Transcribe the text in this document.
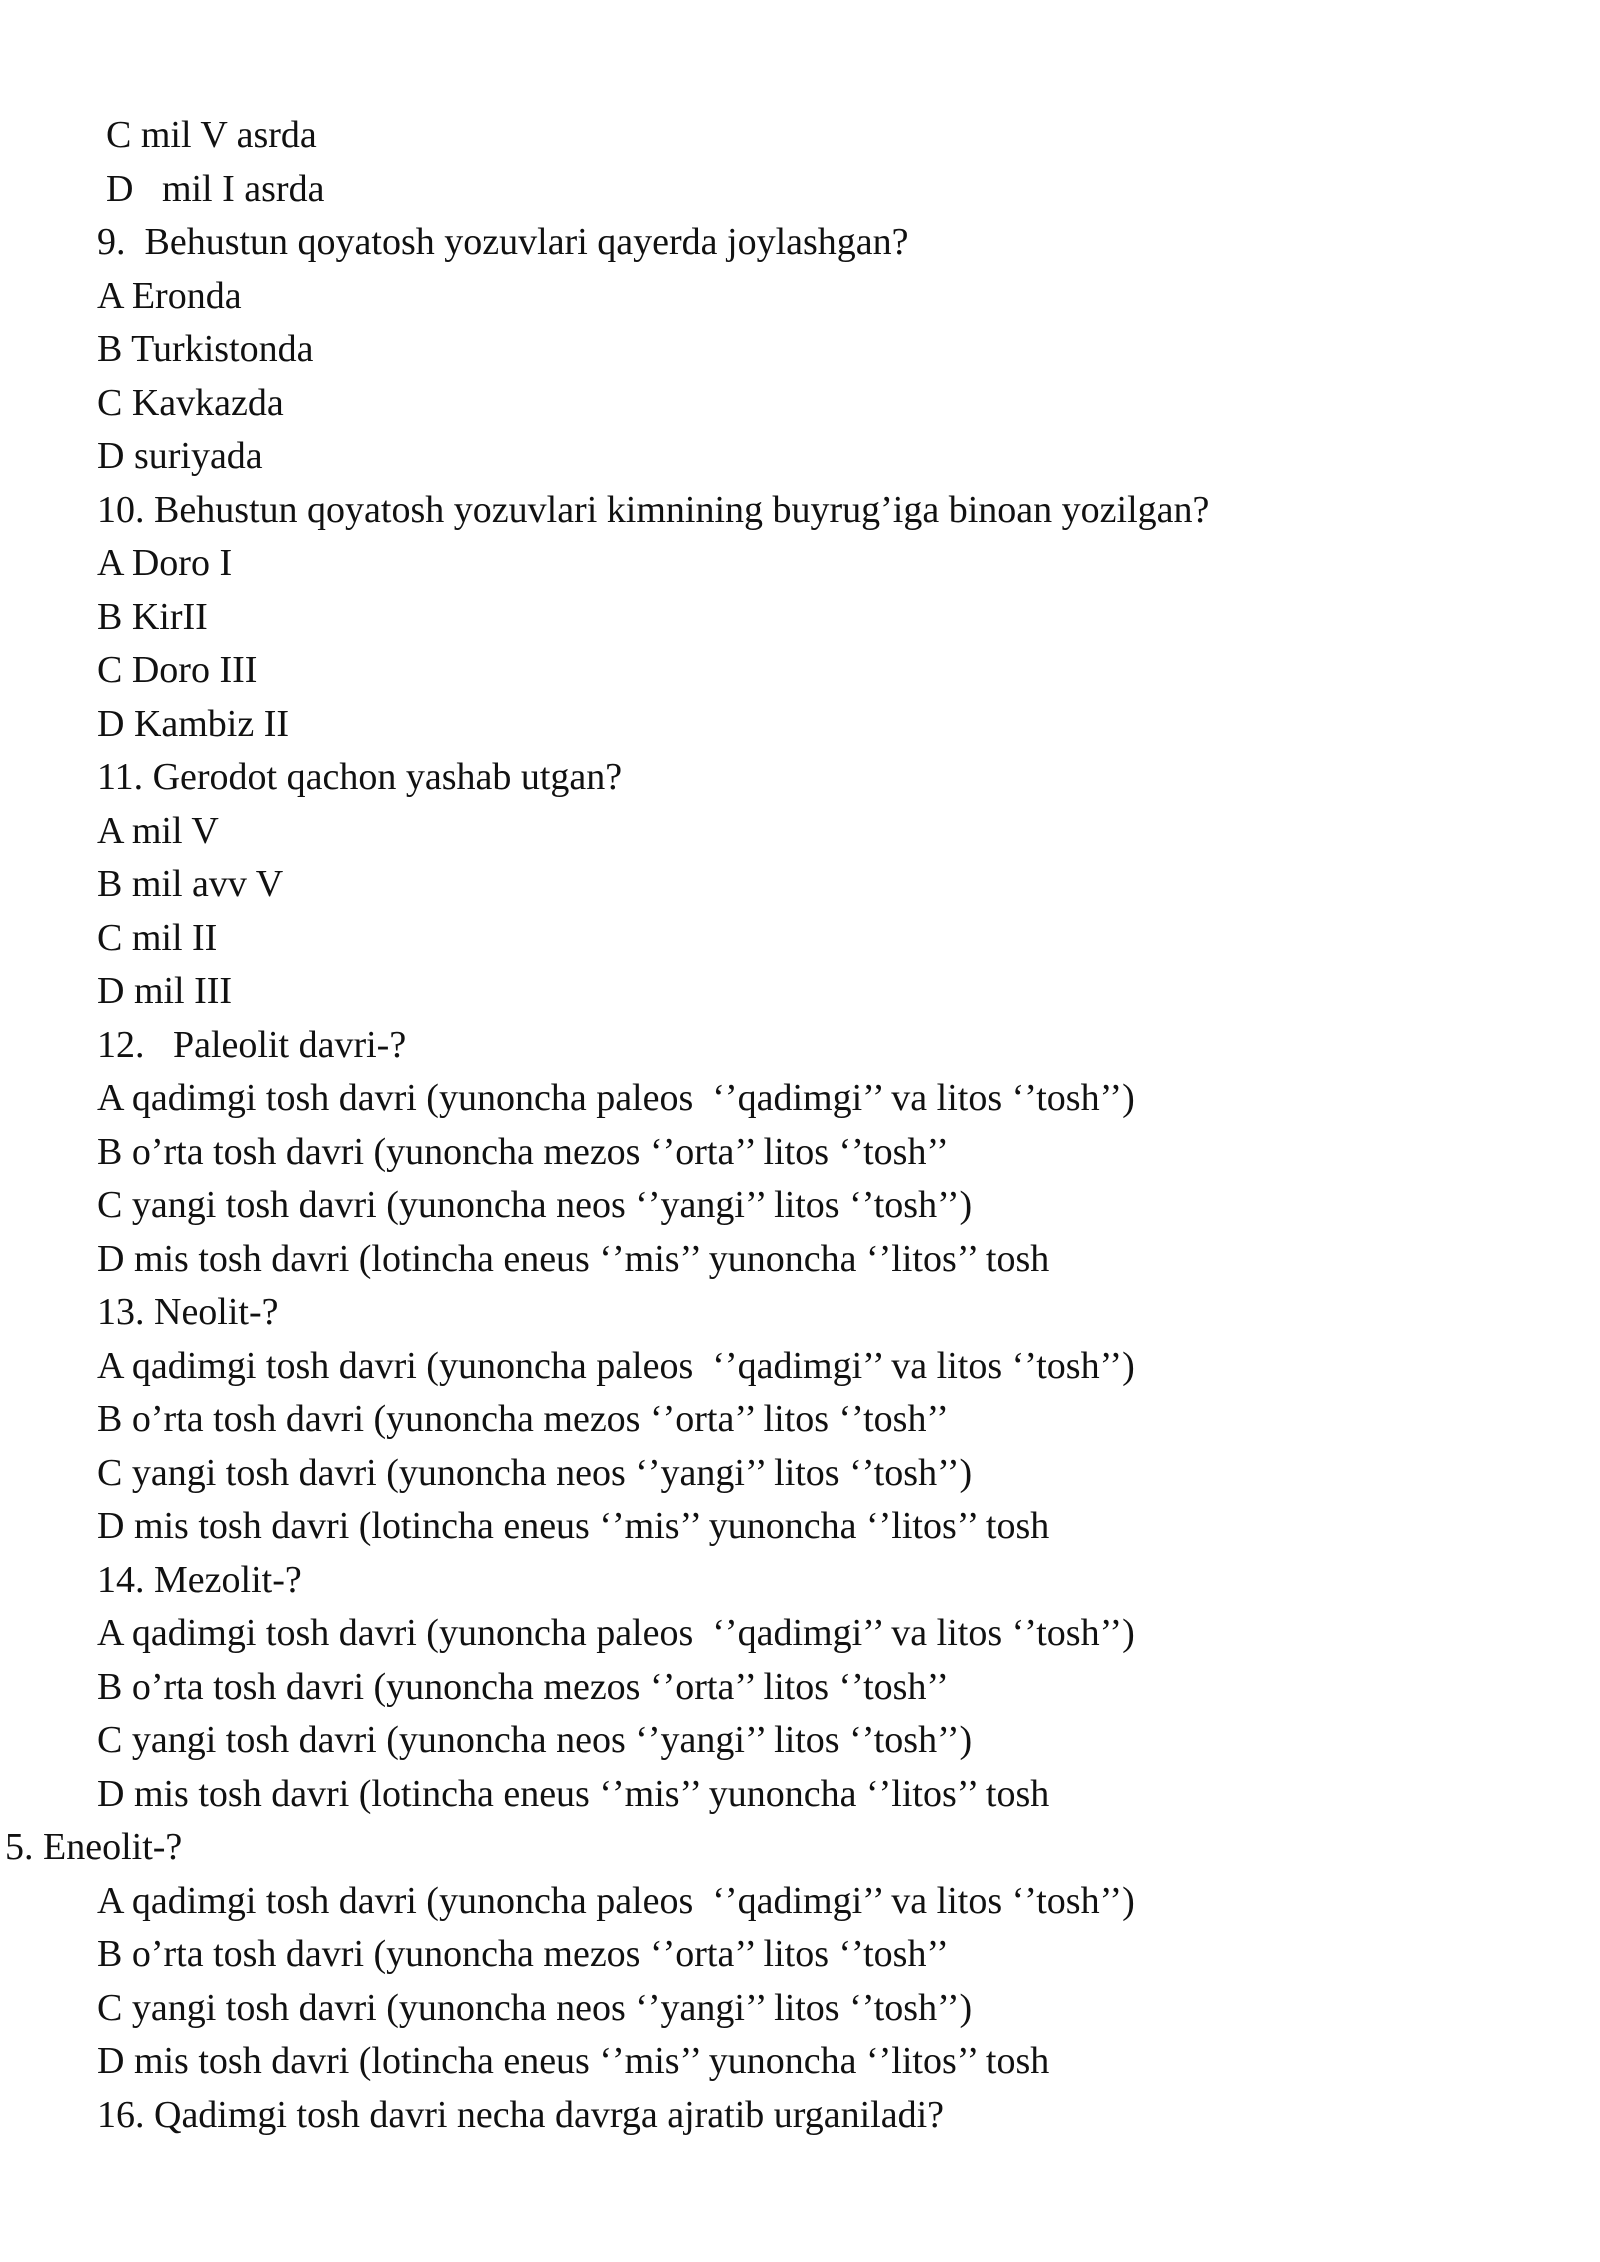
C mil V asrda
D   mil I asrda
9.  Behustun qoyatosh yozuvlari qayerda joylashgan?
A Eronda
B Turkistonda
C Kavkazda
D suriyada
10. Behustun qoyatosh yozuvlari kimnining buyrug’iga binoan yozilgan?
A Doro I
B KirII
C Doro III
D Kambiz II
11. Gerodot qachon yashab utgan?
A mil V
B mil avv V
C mil II
D mil III
12.   Paleolit davri-?
A qadimgi tosh davri (yunoncha paleos  ‘’qadimgi’’ va litos ‘’tosh’’)
B o’rta tosh davri (yunoncha mezos ‘’orta’’ litos ‘’tosh’’
C yangi tosh davri (yunoncha neos ‘’yangi’’ litos ‘’tosh’’)
D mis tosh davri (lotincha eneus ‘’mis’’ yunoncha ‘’litos’’ tosh
13. Neolit-?
A qadimgi tosh davri (yunoncha paleos  ‘’qadimgi’’ va litos ‘’tosh’’)
B o’rta tosh davri (yunoncha mezos ‘’orta’’ litos ‘’tosh’’
C yangi tosh davri (yunoncha neos ‘’yangi’’ litos ‘’tosh’’)
D mis tosh davri (lotincha eneus ‘’mis’’ yunoncha ‘’litos’’ tosh
14. Mezolit-?
A qadimgi tosh davri (yunoncha paleos  ‘’qadimgi’’ va litos ‘’tosh’’)
B o’rta tosh davri (yunoncha mezos ‘’orta’’ litos ‘’tosh’’
C yangi tosh davri (yunoncha neos ‘’yangi’’ litos ‘’tosh’’)
D mis tosh davri (lotincha eneus ‘’mis’’ yunoncha ‘’litos’’ tosh
5. Eneolit-?
A qadimgi tosh davri (yunoncha paleos  ‘’qadimgi’’ va litos ‘’tosh’’)
B o’rta tosh davri (yunoncha mezos ‘’orta’’ litos ‘’tosh’’
C yangi tosh davri (yunoncha neos ‘’yangi’’ litos ‘’tosh’’)
D mis tosh davri (lotincha eneus ‘’mis’’ yunoncha ‘’litos’’ tosh
16. Qadimgi tosh davri necha davrga ajratib urganiladi?
